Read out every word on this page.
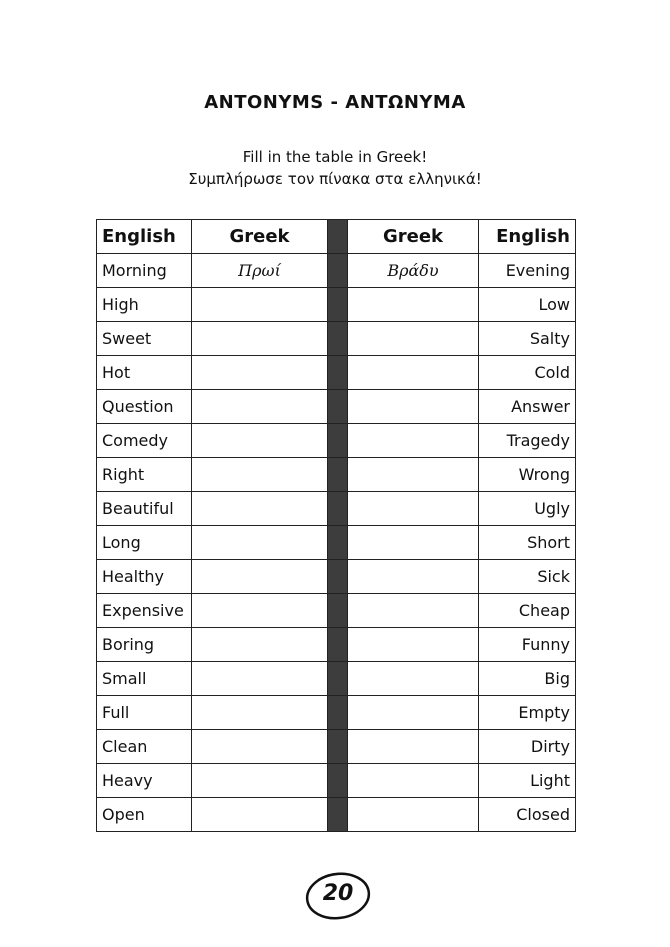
ANTONYMS - ΑΝΤΩΝΥΜΑ
Fill in the table in Greek!
Συμπλήρωσε τον πίνακα στα ελληνικά!
English	Greek		Greek	English
Morning	Πρωί		Βράδυ	Evening
High				Low
Sweet				Salty
Hot				Cold
Question				Answer
Comedy				Tragedy
Right				Wrong
Beautiful				Ugly
Long				Short
Healthy				Sick
Expensive				Cheap
Boring				Funny
Small				Big
Full				Empty
Clean				Dirty
Heavy				Light
Open				Closed
20
